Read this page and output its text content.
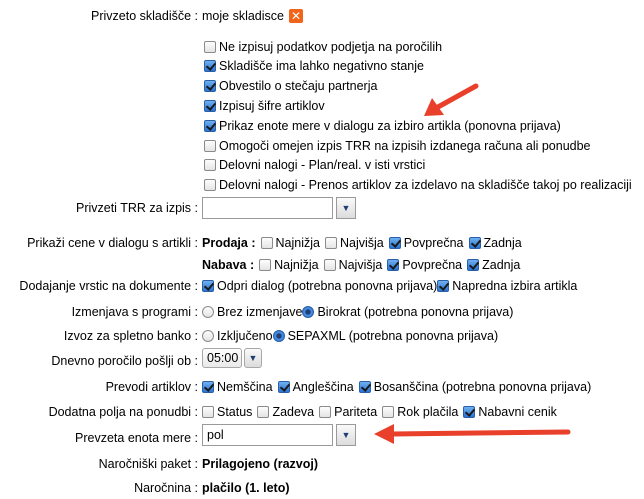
Privzeto skladišče : moje skladisce ✕
Ne izpisuj podatkov podjetja na poročilih
Skladišče ima lahko negativno stanje
Obvestilo o stečaju partnerja
Izpisuj šifre artiklov
Prikaz enote mere v dialogu za izbiro artikla (ponovna prijava)
Omogoči omejen izpis TRR na izpisih izdanega računa ali ponudbe
Delovni nalogi - Plan/real. v isti vrstici
Delovni nalogi - Prenos artiklov za izdelavo na skladišče takoj po realizaciji
Privzeti TRR za izpis :	▼
Prikaži cene v dialogu s artikli : Prodaja : Najnižja Najvišja Povprečna Zadnja
Nabava : Najnižja Najvišja Povprečna Zadnja
Dodajanje vrstic na dokumente : Odpri dialog (potrebna ponovna prijava) Napredna izbira artikla
Izmenjava s programi : Brez izmenjave Birokrat (potrebna ponovna prijava)
Izvoz za spletno banko : Izključeno SEPAXML (potrebna ponovna prijava)
Dnevno poročilo pošlji ob : 05:00	▼
Prevodi artiklov : Nemščina Angleščina Bosanščina (potrebna ponovna prijava)
Dodatna polja na ponudbi : Status Zadeva Pariteta Rok plačila Nabavni cenik
Prevzeta enota mere : pol	▼
Naročniški paket : Prilagojeno (razvoj)
Naročnina : plačilo (1. leto)
